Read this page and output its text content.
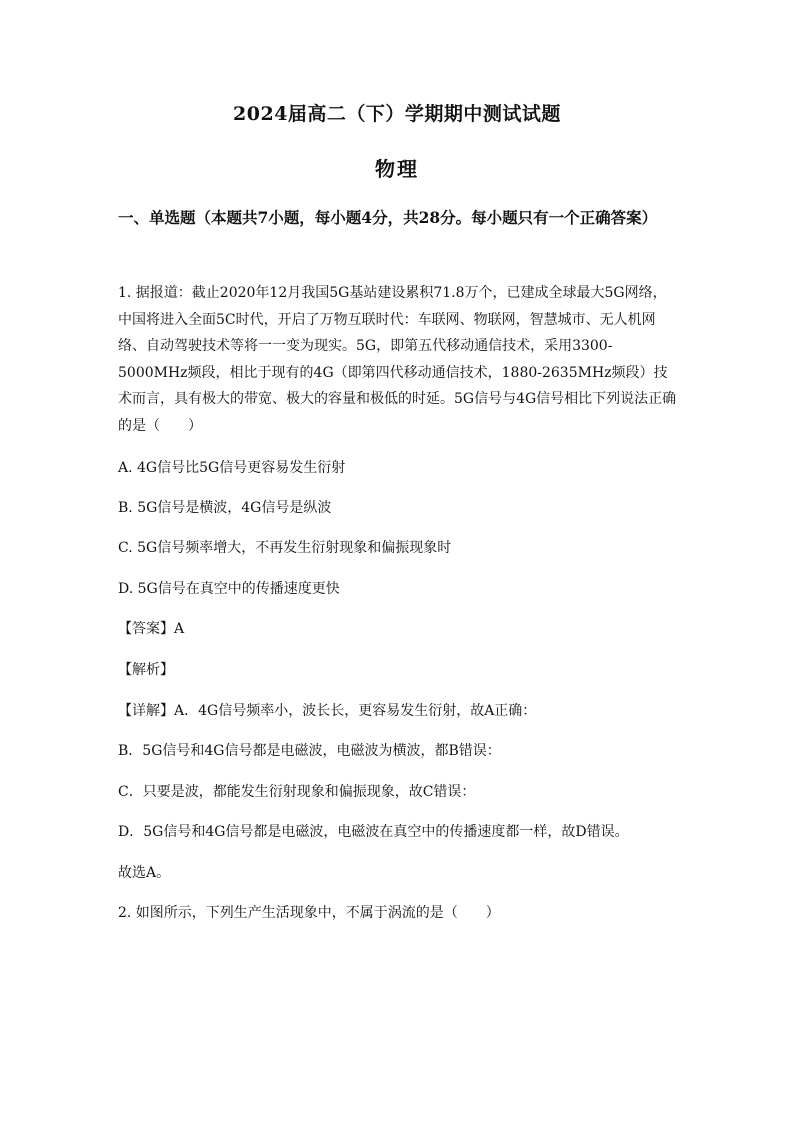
2024届高二（下）学期期中测试试题
物理
一、单选题（本题共7小题，每小题4分，共28分。每小题只有一个正确答案）
1. 据报道：截止2020年12月我国5G基站建设累积71.8万个，已建成全球最大5G网络，中国将进入全面5C时代，开启了万物互联时代：车联网、物联网，智慧城市、无人机网络、自动驾驶技术等将一一变为现实。5G，即第五代移动通信技术，采用3300-5000MHz频段，相比于现有的4G（即第四代移动通信技术，1880-2635MHz频段）技术而言，具有极大的带宽、极大的容量和极低的时延。5G信号与4G信号相比下列说法正确的是（　　）
A. 4G信号比5G信号更容易发生衍射
B. 5G信号是横波，4G信号是纵波
C. 5G信号频率增大，不再发生衍射现象和偏振现象时
D. 5G信号在真空中的传播速度更快
【答案】A
【解析】
【详解】A．4G信号频率小，波长长，更容易发生衍射，故A正确：
B．5G信号和4G信号都是电磁波，电磁波为横波，都B错误：
C．只要是波，都能发生衍射现象和偏振现象，故C错误：
D．5G信号和4G信号都是电磁波，电磁波在真空中的传播速度都一样，故D错误。
故选A。
2. 如图所示，下列生产生活现象中，不属于涡流的是（　　）
